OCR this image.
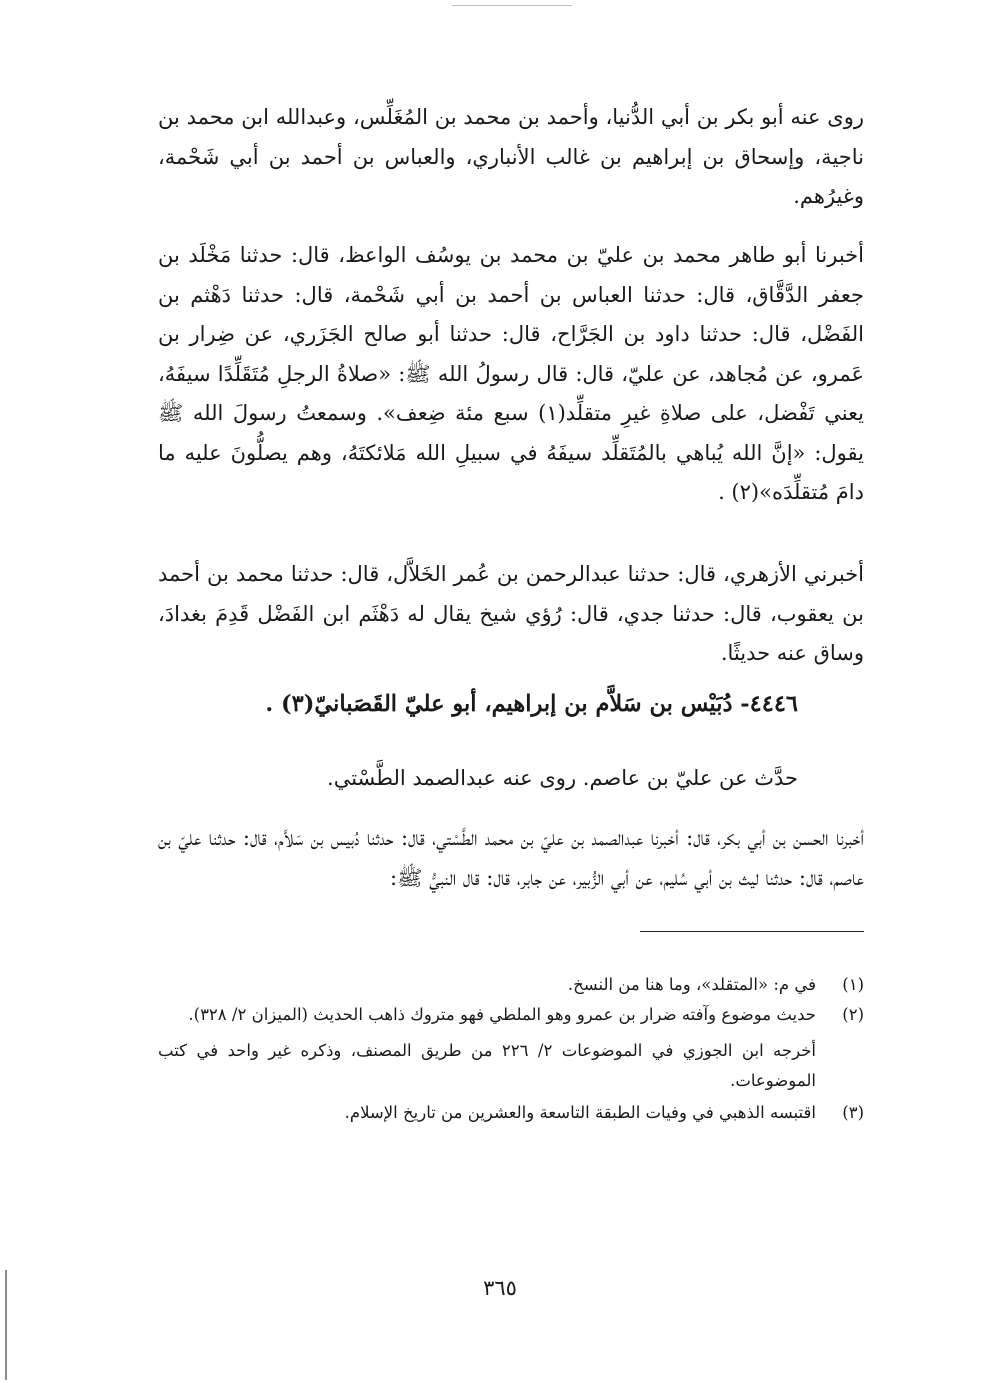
روى عنه أبو بكر بن أبي الدُّنيا، وأحمد بن محمد بن المُغَلِّس، وعبدالله ابن محمد بن ناجية، وإسحاق بن إبراهيم بن غالب الأنباري، والعباس بن أحمد بن أبي شَحْمة، وغيرُهم.
أخبرنا أبو طاهر محمد بن عليّ بن محمد بن يوسُف الواعظ، قال: حدثنا مَخْلَد بن جعفر الدَّقَّاق، قال: حدثنا العباس بن أحمد بن أبي شَحْمة، قال: حدثنا دَهْثم بن الفَضْل، قال: حدثنا داود بن الجَرَّاح، قال: حدثنا أبو صالح الجَزَري، عن ضِرار بن عَمرو، عن مُجاهد، عن عليّ، قال: قال رسولُ الله ﷺ: «صلاةُ الرجلِ مُتَقَلِّدًا سيفَهُ، يعني تَفْضل، على صلاةِ غيرِ متقلِّد(١) سبع مئة ضِعف». وسمعتُ رسولَ الله ﷺ يقول: «إنَّ الله يُباهي بالمُتَقلِّد سيفَهُ في سبيلِ الله مَلائكتَهُ، وهم يصلُّونَ عليه ما دامَ مُتقلِّدَه»(٢) .
أخبرني الأزهري، قال: حدثنا عبدالرحمن بن عُمر الخَلاَّل، قال: حدثنا محمد بن أحمد بن يعقوب، قال: حدثنا جدي، قال: رُؤي شيخ يقال له دَهْثَم ابن الفَضْل قَدِمَ بغدادَ، وساق عنه حديثًا.
٤٤٤٦- دُبَيْس بن سَلاَّم بن إبراهيم، أبو عليّ القَصَبانيّ(٣) .
حدَّث عن عليّ بن عاصم. روى عنه عبدالصمد الطَّسْتي.
أخبرنا الحسن بن أبي بكر، قال: أخبرنا عبدالصمد بن عليّ بن محمد الطَّسْتي، قال: حدثنا دُبيس بن سَلاَّم، قال: حدثنا عليّ بن عاصم، قال: حدثنا ليث بن أبي سُليم، عن أبي الزُّبير، عن جابر، قال: قال النبيُّ ﷺ:
(١)
في م: «المتقلد»، وما هنا من النسخ.
(٢)
حديث موضوع وآفته ضرار بن عمرو وهو الملطي فهو متروك ذاهب الحديث (الميزان ٢/ ٣٢٨).
أخرجه ابن الجوزي في الموضوعات ٢/ ٢٢٦ من طريق المصنف، وذكره غير واحد في كتب الموضوعات.
(٣)
اقتبسه الذهبي في وفيات الطبقة التاسعة والعشرين من تاريخ الإسلام.
٣٦٥
